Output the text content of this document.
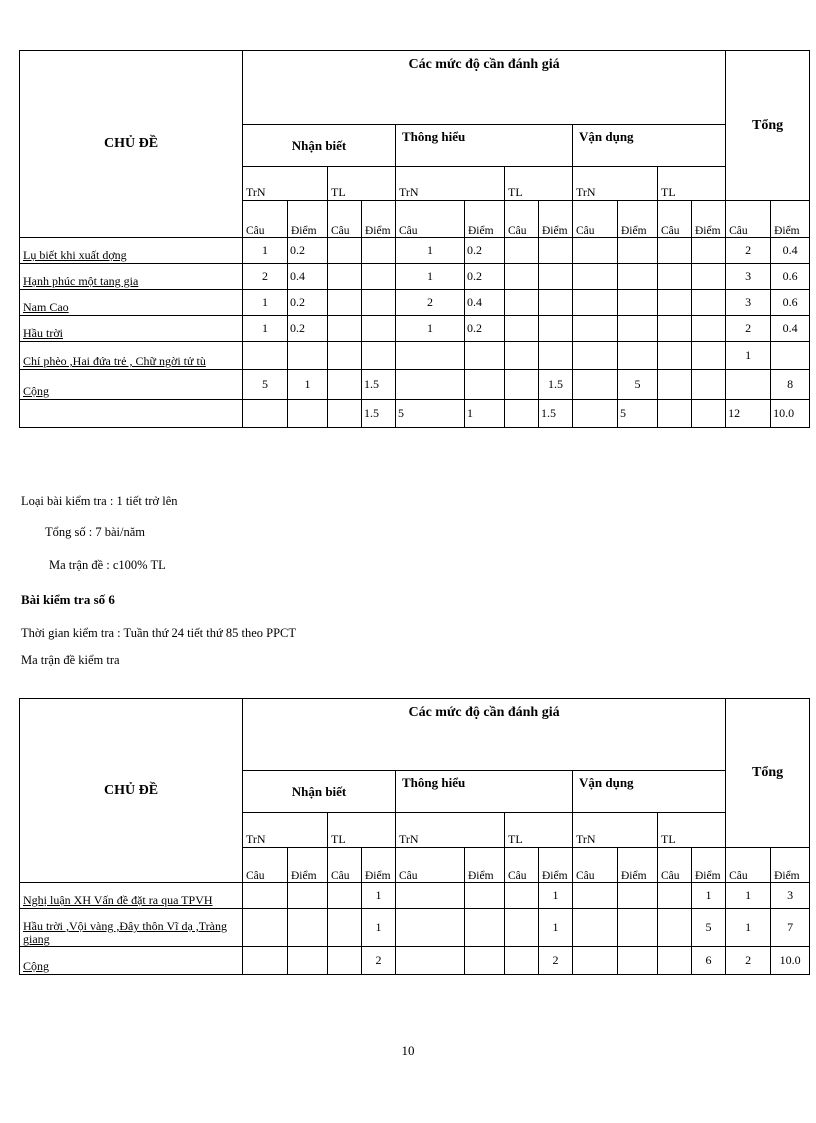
CHỦ ĐỀ	Các mức độ cần đánh giá												Tổng	
	Nhận biết				Thông hiểu				Vận dụng					
	TrN		TL		TrN		TL		TrN		TL			
	Câu	Điểm	Câu	Điểm	Câu	Điểm	Câu	Điểm	Câu	Điểm	Câu	Điểm	Câu	Điểm
Lụ biết khi xuất dợng	1	0.2			1	0.2							2	0.4
Hạnh phúc một tang gia	2	0.4			1	0.2							3	0.6
Nam Cao	1	0.2			2	0.4							3	0.6
Hầu trời	1	0.2			1	0.2							2	0.4
Chí phèo ,Hai đứa trẻ , Chữ ngời tử tù													1	
Cộng	5	1		1.5				1.5		5				8
				1.5	5	1		1.5		5			12	10.0
Loại bài kiểm tra : 1 tiết trở lên
Tổng số : 7 bài/năm
Ma trận đề : c100% TL
Bài kiểm tra số 6
Thời gian kiểm tra : Tuần thứ 24 tiết thứ 85 theo PPCT
Ma trận đề kiểm tra
CHỦ ĐỀ	Các mức độ cần đánh giá												Tổng	
	Nhận biết				Thông hiểu				Vận dụng					
	TrN		TL		TrN		TL		TrN		TL			
	Câu	Điểm	Câu	Điểm	Câu	Điểm	Câu	Điểm	Câu	Điểm	Câu	Điểm	Câu	Điểm
Nghị luận XH Vấn đề đặt ra qua TPVH				1				1				1	1	3
Hầu trời ,Vội vàng ,Đây thôn Vĩ dạ ,Tràng giang				1				1				5	1	7
Cộng				2				2				6	2	10.0
10
